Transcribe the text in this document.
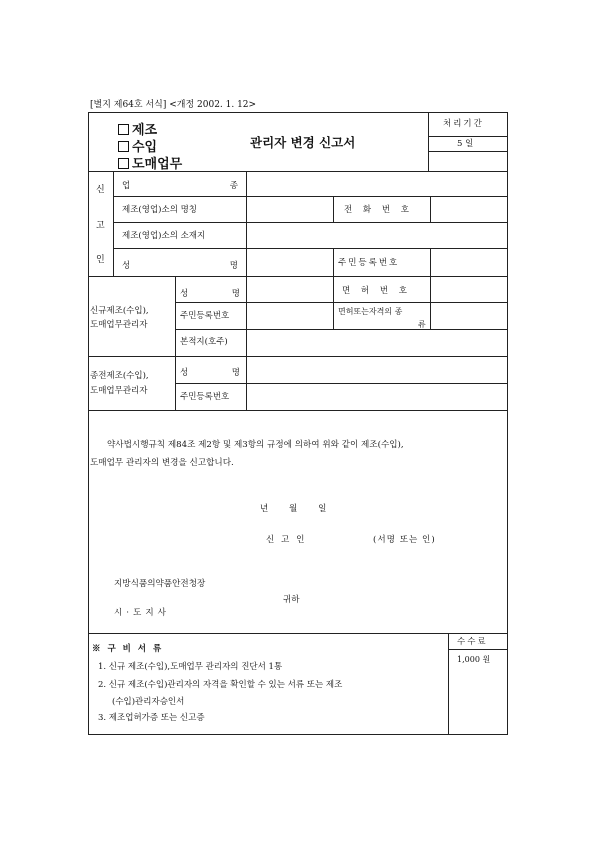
[별지 제64호 서식] <개정 2002. 1. 12>
제조
수입
도매업무
관리자 변경 신고서
처리기간
5 일
신
고
인
업	종
제조(영업)소의 명칭	전 화 번 호
제조(영업)소의 소재지
성	명	주민등록번호
신규제조(수입),
도매업무관리자
성	명	면 허 번 호
주민등록번호	면허또는자격의 종
류
본적지(호주)
종전제조(수입),
도매업무관리자
성	명
주민등록번호
약사법시행규칙 제84조 제2항 및 제3항의 규정에 의하여 위와 같이 제조(수입),
도매업무 관리자의 변경을 신고합니다.
년 월 일
신 고 인	(서명 또는 인)
지방식품의약품안전청장
귀하
시·도지사
※ 구 비 서 류
1. 신규 제조(수입),도매업무 관리자의 진단서 1통
2. 신규 제조(수입)관리자의 자격을 확인할 수 있는 서류 또는 제조
(수입)관리자승인서
3. 제조업허가증 또는 신고증
수수료
1,000 원
